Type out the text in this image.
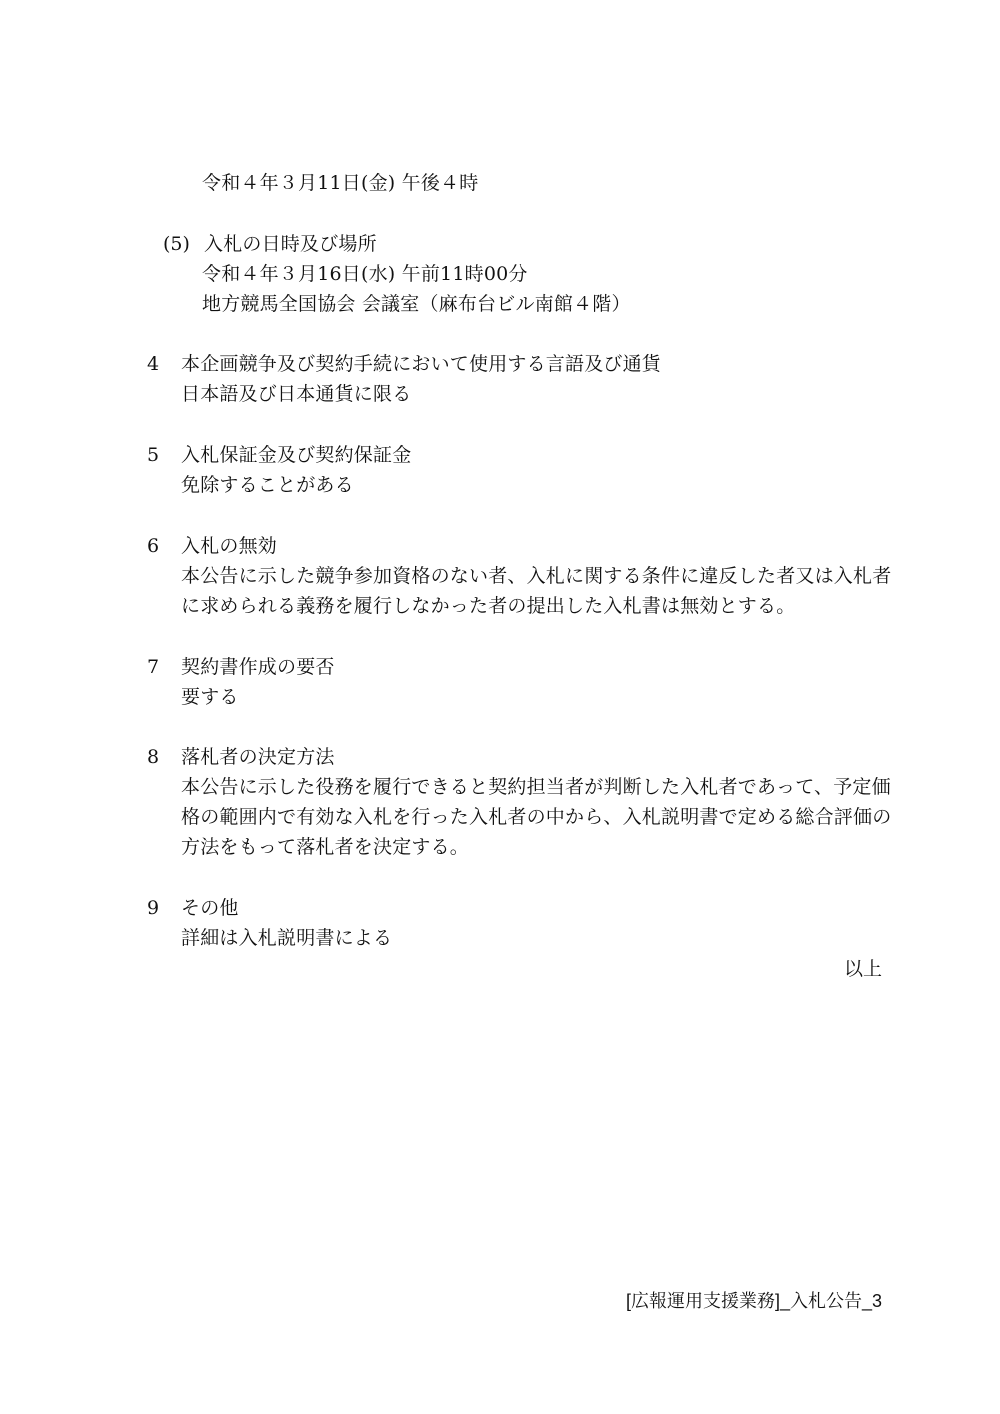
令和４年３月11日(金) 午後４時
(5) 入札の日時及び場所
令和４年３月16日(水) 午前11時00分
地方競馬全国協会 会議室（麻布台ビル南館４階）
4 本企画競争及び契約手続において使用する言語及び通貨
日本語及び日本通貨に限る
5 入札保証金及び契約保証金
免除することがある
6 入札の無効
本公告に示した競争参加資格のない者、入札に関する条件に違反した者又は入札者
に求められる義務を履行しなかった者の提出した入札書は無効とする。
7 契約書作成の要否
要する
8 落札者の決定方法
本公告に示した役務を履行できると契約担当者が判断した入札者であって、予定価
格の範囲内で有効な入札を行った入札者の中から、入札説明書で定める総合評価の
方法をもって落札者を決定する。
9 その他
詳細は入札説明書による
以上
[広報運用支援業務]_入札公告_3
